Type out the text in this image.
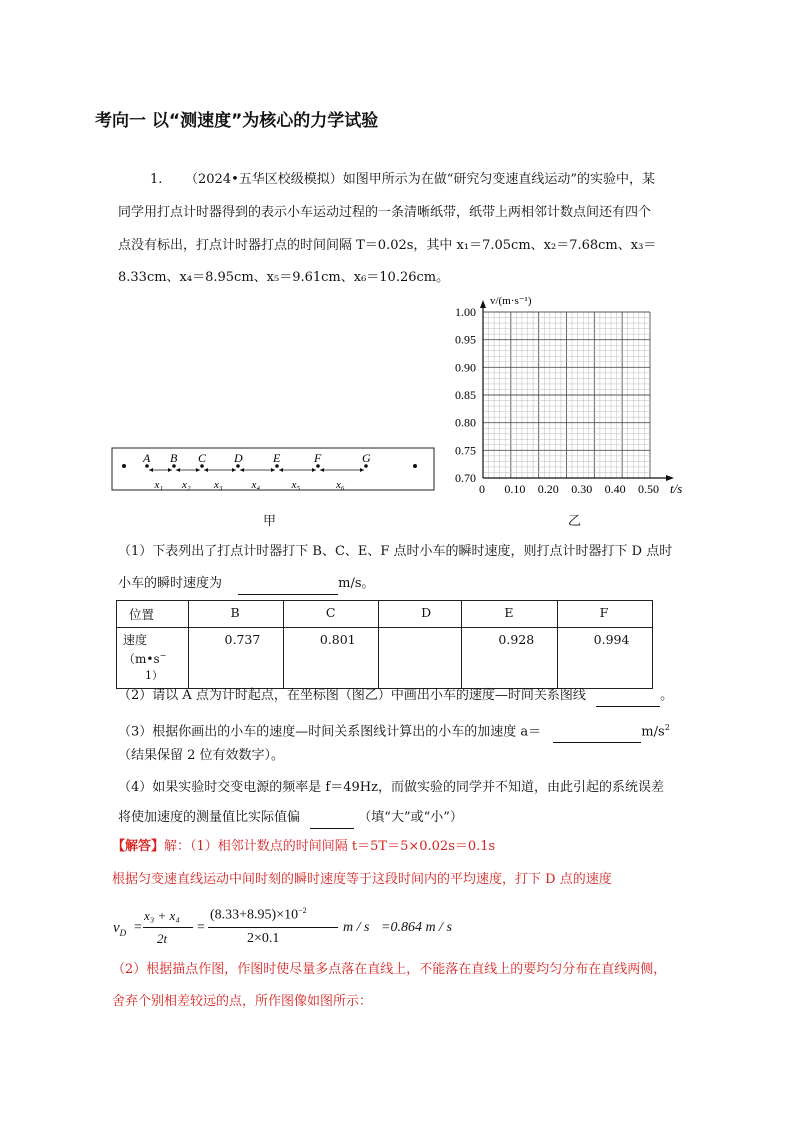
考向一 以“测速度”为核心的力学试验
1. （2024•五华区校级模拟）如图甲所示为在做“研究匀变速直线运动”的实验中，某
同学用打点计时器得到的表示小车运动过程的一条清晰纸带，纸带上两相邻计数点间还有四个
点没有标出，打点计时器打点的时间间隔 T＝0.02s，其中 x₁＝7.05cm、x₂＝7.68cm、x₃＝
8.33cm、x₄＝8.95cm、x₅＝9.61cm、x₆＝10.26cm。
A B C D	E	F	G
x₁ x₂ x₃	x₄	x₅	x₆
甲
v/(m·s⁻¹)
t/s
1.00
0.95
0.90
0.85
0.80
0.75
0.70
0 0.10 0.20 0.30 0.40 0.50
乙
（1）下表列出了打点计时器打下 B、C、E、F 点时小车的瞬时速度，则打点计时器打下 D 点时
小车的瞬时速度为	m/s。
位置	B	C	D	E	F
速度（m•s−
1）	0.737	0.801		0.928	0.994
（2）请以 A 点为计时起点，在坐标图（图乙）中画出小车的速度—时间关系图线	。
（3）根据你画出的小车的速度—时间关系图线计算出的小车的加速度 a＝	$m/s^2$
（结果保留 2 位有效数字）。
（4）如果实验时交变电源的频率是 f＝49Hz，而做实验的同学并不知道，由此引起的系统误差
将使加速度的测量值比实际值偏	（填“大”或“小”）
【解答】解：（1）相邻计数点的时间间隔 t＝5T＝5×0.02s＝0.1s
根据匀变速直线运动中间时刻的瞬时速度等于这段时间内的平均速度，打下 D 点的速度
$v_D$ =
x₃ + x₄
2t
=
$(8.33+8.95)\times 10^{-2}$
2×0.1
m / s =0.864 m / s
（2）根据描点作图，作图时使尽量多点落在直线上，不能落在直线上的要均匀分布在直线两侧，
舍弃个别相差较远的点，所作图像如图所示：
